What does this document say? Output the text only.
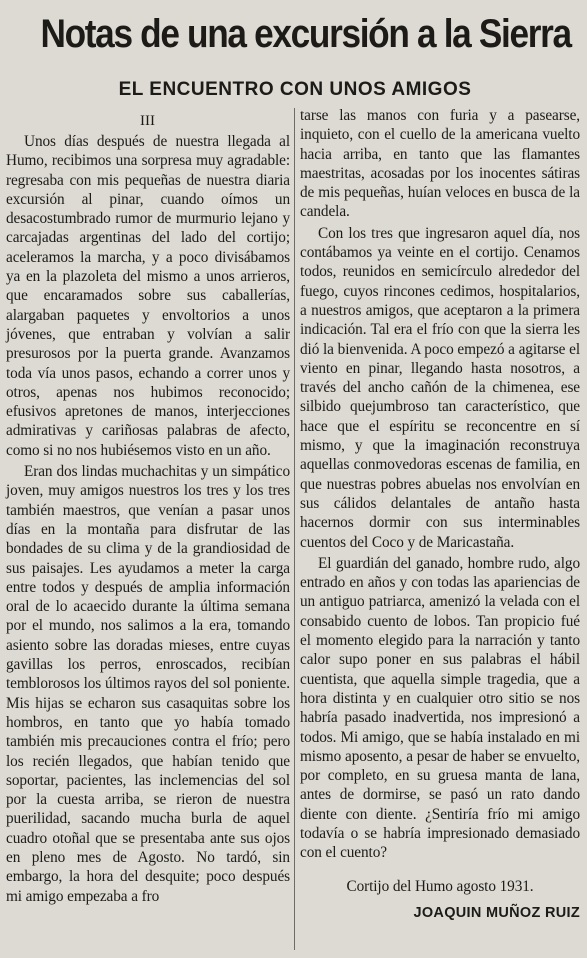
Notas de una excursión a la Sierra
EL ENCUENTRO CON UNOS AMIGOS
III

Unos días después de nuestra llegada al Humo, recibimos una sorpresa muy agradable: regresaba con mis pequeñas de nuestra diaria excursión al pinar, cuando oímos un desacostumbrado rumor de murmurio lejano y carcajadas argentinas del lado del cortijo; aceleramos la marcha, y a poco divisábamos ya en la plazoleta del mismo a unos arrieros, que encaramados sobre sus caballerías, alargaban paquetes y envoltorios a unos jóvenes, que entraban y volvían a salir presurosos por la puerta grande. Avanzamos toda vía unos pasos, echando a correr unos y otros, apenas nos hubimos reconocido; efusivos apretones de manos, interjecciones admirativas y cariñosas palabras de afecto, como si no nos hubiésemos visto en un año.

Eran dos lindas muchachitas y un simpático joven, muy amigos nuestros los tres y los tres también maestros, que venían a pasar unos días en la montaña para disfrutar de las bondades de su clima y de la grandiosidad de sus paisajes. Les ayudamos a meter la carga entre todos y después de amplia información oral de lo acaecido durante la última semana por el mundo, nos salimos a la era, tomando asiento sobre las doradas mieses, entre cuyas gavillas los perros, enroscados, recibían temblorosos los últimos rayos del sol poniente. Mis hijas se echaron sus casaquitas sobre los hombros, en tanto que yo había tomado también mis precauciones contra el frío; pero los recién llegados, que habían tenido que soportar, pacientes, las inclemencias del sol por la cuesta arriba, se rieron de nuestra puerilidad, sacando mucha burla de aquel cuadro otoñal que se presentaba ante sus ojos en pleno mes de Agosto. No tardó, sin embargo, la hora del desquite; poco después mi amigo empezaba a fro

tarse las manos con furia y a pasearse, inquieto, con el cuello de la americana vuelto hacia arriba, en tanto que las flamantes maestritas, acosadas por los inocentes sátiras de mis pequeñas, huían veloces en busca de la candela.

Con los tres que ingresaron aquel día, nos contábamos ya veinte en el cortijo. Cenamos todos, reunidos en semicírculo alrededor del fuego, cuyos rincones cedimos, hospitalarios, a nuestros amigos, que aceptaron a la primera indicación. Tal era el frío con que la sierra les dió la bienvenida. A poco empezó a agitarse el viento en pinar, llegando hasta nosotros, a través del ancho cañón de la chimenea, ese silbido quejumbroso tan característico, que hace que el espíritu se reconcentre en sí mismo, y que la imaginación reconstruya aquellas conmovedoras escenas de familia, en que nuestras pobres abuelas nos envolvían en sus cálidos delantales de antaño hasta hacernos dormir con sus interminables cuentos del Coco y de Maricastaña.

El guardián del ganado, hombre rudo, algo entrado en años y con todas las apariencias de un antiguo patriarca, amenizó la velada con el consabido cuento de lobos. Tan propicio fué el momento elegido para la narración y tanto calor supo poner en sus palabras el hábil cuentista, que aquella simple tragedia, que a hora distinta y en cualquier otro sitio se nos habría pasado inadvertida, nos impresionó a todos. Mi amigo, que se había instalado en mi mismo aposento, a pesar de haber se envuelto, por completo, en su gruesa manta de lana, antes de dormirse, se pasó un rato dando diente con diente. ¿Sentiría frío mi amigo todavía o se habría impresionado demasiado con el cuento?

Cortijo del Humo agosto 1931.
JOAQUIN MUÑOZ RUIZ
